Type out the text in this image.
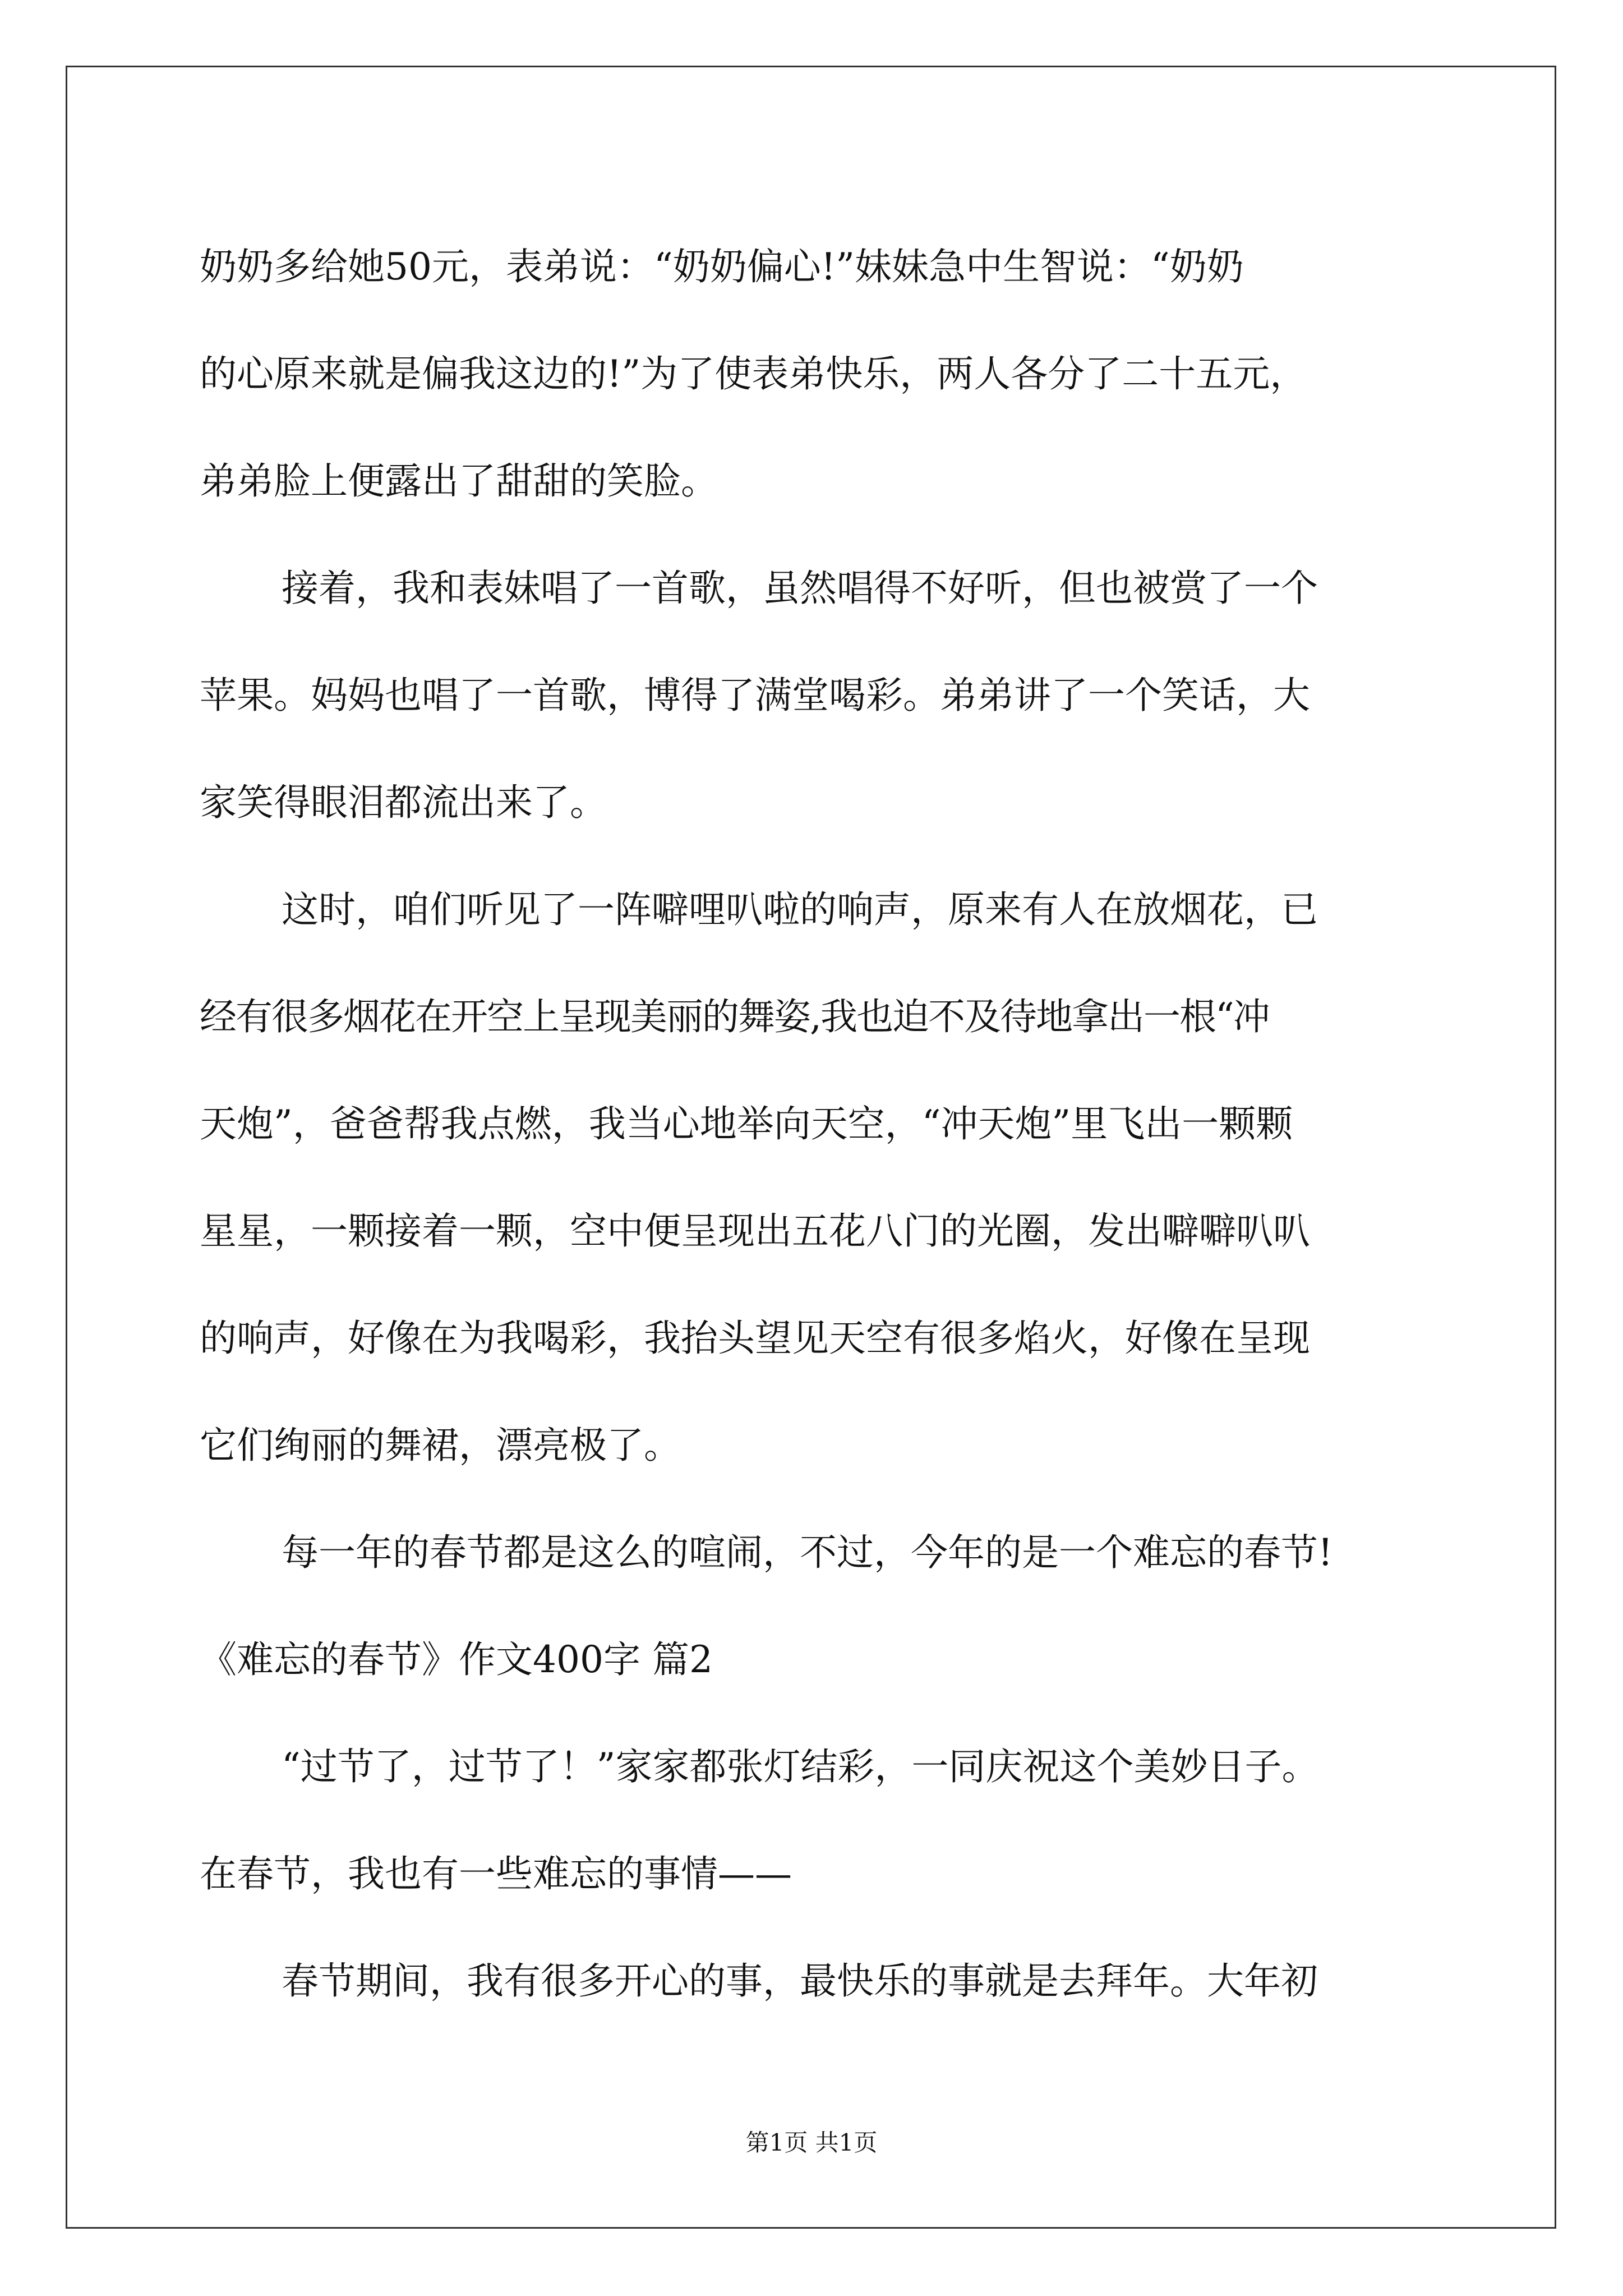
奶奶多给她50元，表弟说：“奶奶偏心!”妹妹急中生智说：“奶奶
的心原来就是偏我这边的!”为了使表弟快乐，两人各分了二十五元，
弟弟脸上便露出了甜甜的笑脸。
接着，我和表妹唱了一首歌，虽然唱得不好听，但也被赏了一个
苹果。妈妈也唱了一首歌，博得了满堂喝彩。弟弟讲了一个笑话，大
家笑得眼泪都流出来了。
这时，咱们听见了一阵噼哩叭啦的响声，原来有人在放烟花，已
经有很多烟花在开空上呈现美丽的舞姿,我也迫不及待地拿出一根“冲
天炮”，爸爸帮我点燃，我当心地举向天空，“冲天炮”里飞出一颗颗
星星，一颗接着一颗，空中便呈现出五花八门的光圈，发出噼噼叭叭
的响声，好像在为我喝彩，我抬头望见天空有很多焰火，好像在呈现
它们绚丽的舞裙，漂亮极了。
每一年的春节都是这么的喧闹，不过，今年的是一个难忘的春节!
《难忘的春节》作文400字 篇2
“过节了，过节了！”家家都张灯结彩，一同庆祝这个美妙日子。
在春节，我也有一些难忘的事情——
春节期间，我有很多开心的事，最快乐的事就是去拜年。大年初
第1页 共1页
